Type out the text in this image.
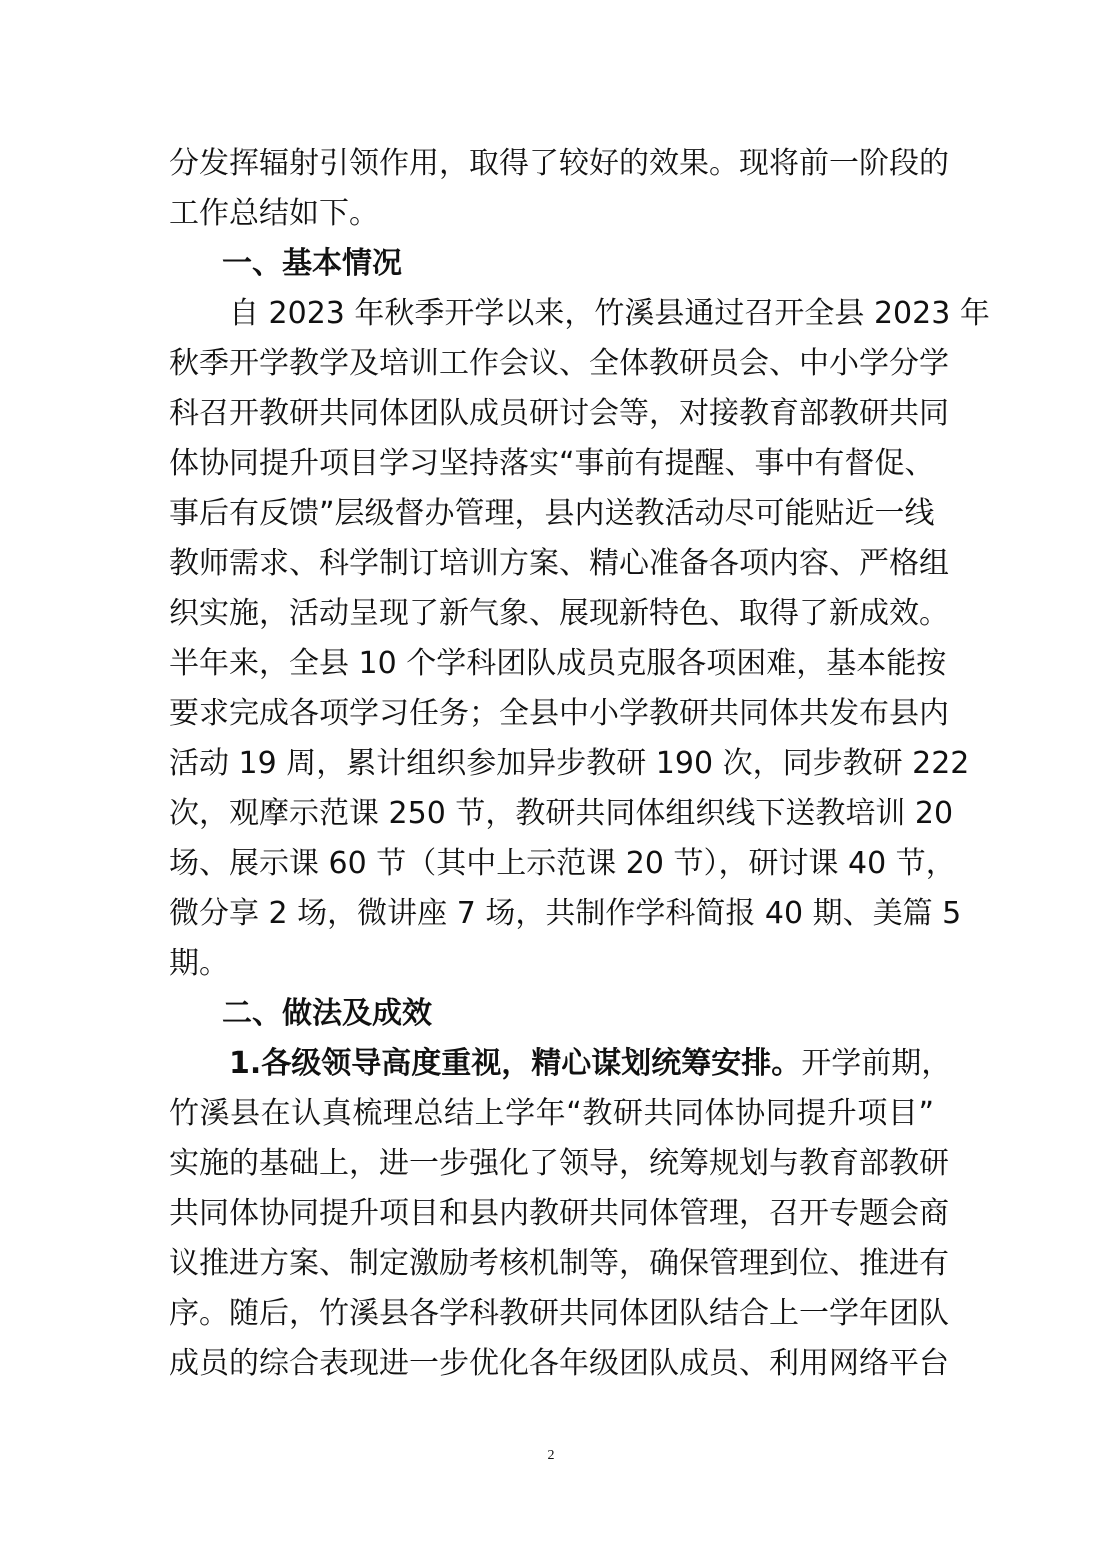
分发挥辐射引领作用，取得了较好的效果。现将前一阶段的
工作总结如下。
一、基本情况
自 2023 年秋季开学以来，竹溪县通过召开全县 2023 年
秋季开学教学及培训工作会议、全体教研员会、中小学分学
科召开教研共同体团队成员研讨会等，对接教育部教研共同
体协同提升项目学习坚持落实“事前有提醒、事中有督促、
事后有反馈”层级督办管理，县内送教活动尽可能贴近一线
教师需求、科学制订培训方案、精心准备各项内容、严格组
织实施，活动呈现了新气象、展现新特色、取得了新成效。
半年来，全县 10 个学科团队成员克服各项困难，基本能按
要求完成各项学习任务；全县中小学教研共同体共发布县内
活动 19 周，累计组织参加异步教研 190 次，同步教研 222
次，观摩示范课 250 节，教研共同体组织线下送教培训 20
场、展示课 60 节（其中上示范课 20 节），研讨课 40 节，
微分享 2 场，微讲座 7 场，共制作学科简报 40 期、美篇 5
期。
二、做法及成效
1.各级领导高度重视，精心谋划统筹安排。开学前期，
竹溪县在认真梳理总结上学年“教研共同体协同提升项目”
实施的基础上，进一步强化了领导，统筹规划与教育部教研
共同体协同提升项目和县内教研共同体管理，召开专题会商
议推进方案、制定激励考核机制等，确保管理到位、推进有
序。随后，竹溪县各学科教研共同体团队结合上一学年团队
成员的综合表现进一步优化各年级团队成员、利用网络平台
2
